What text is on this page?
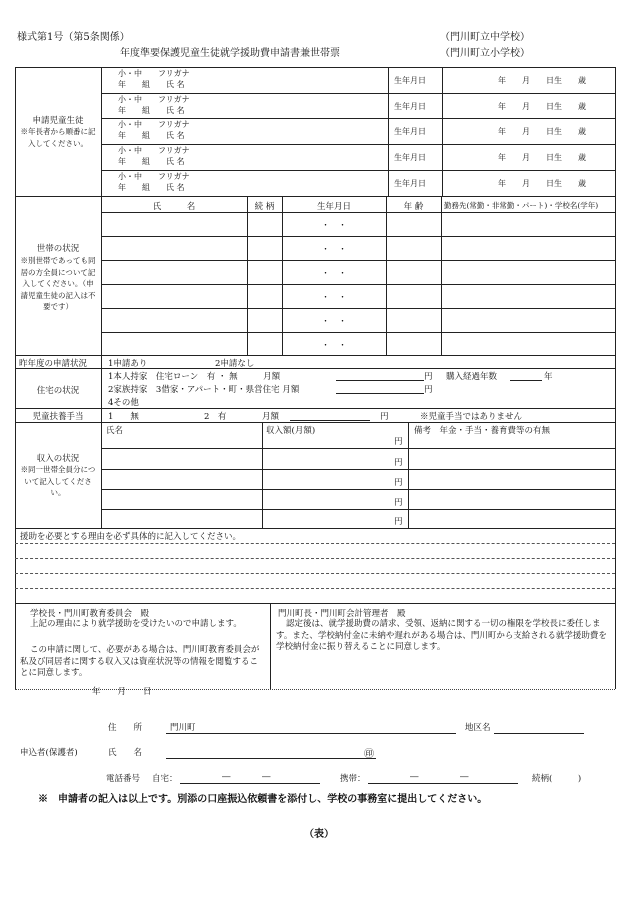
様式第1号（第5条関係）	（門川町立中学校）
年度準要保護児童生徒就学援助費申請書兼世帯票	（門川町立小学校）
申請児童生徒
※年長者から順番に記入してください。
小・中　　フリガナ
年　　組　　氏 名	生年月日	年　　月　　日生　　歳
小・中　　フリガナ
年　　組　　氏 名	生年月日	年　　月　　日生　　歳
小・中　　フリガナ
年　　組　　氏 名	生年月日	年　　月　　日生　　歳
小・中　　フリガナ
年　　組　　氏 名	生年月日	年　　月　　日生　　歳
小・中　　フリガナ
年　　組　　氏 名	生年月日	年　　月　　日生　　歳
氏　　　名	続 柄	生年月日	年 齢	勤務先(常勤・非常勤・パート)・学校名(学年)
世帯の状況
※別世帯であっても同居の方全員について記入してください。（申請児童生徒の記入は不要です）
・　・
・　・
・　・
・　・
・　・
・　・
昨年度の申請状況 1申請あり	2申請なし
住宅の状況
1本人持家　住宅ローン　有 ・ 無　　　月額	円 購入経過年数	年
2家族持家　3借家・アパート・町・県営住宅 月額	円
4その他
児童扶養手当	1　　無	2　有	月額	円	※児童手当ではありません
氏名	収入額(月額)	備考　年金・手当・養育費等の有無
収入の状況
※同一世帯全員分について記入してください。
円
円
円
円
円
援助を必要とする理由を必ず具体的に記入してください。
学校長・門川町教育委員会　殿
上記の理由により就学援助を受けたいので申請します。
この申請に関して、必要がある場合は、門川町教育委員会が私及び同居者に関する収入又は資産状況等の情報を閲覧することに同意します。
年　　月　　日
門川町長・門川町会計管理者　殿
認定後は、就学援助費の請求、受領、返納に関する一切の権限を学校長に委任します。また、学校納付金に未納や遅れがある場合は、門川町から支給される就学援助費を学校納付金に振り替えることに同意します。
住　　所	門川町	地区名
申込者(保護者)	氏　　名	㊞
電話番号 自宅：	―	―	携帯：	―	―	続柄(　　　)
※　申請者の記入は以上です。別添の口座振込依頼書を添付し、学校の事務室に提出してください。
（表）
